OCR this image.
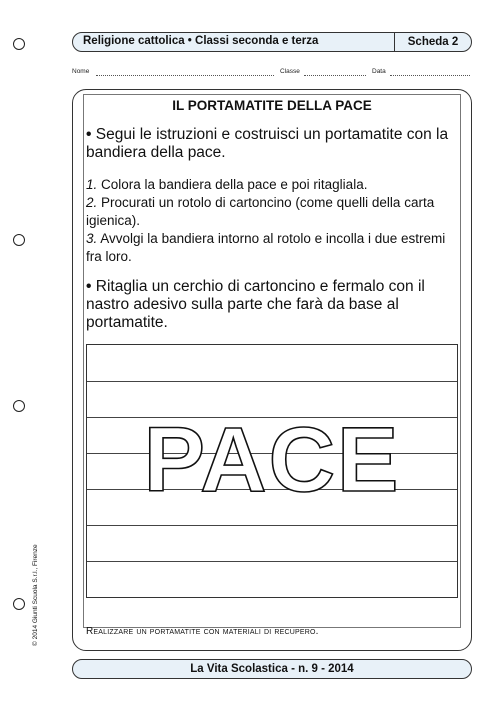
Religione cattolica • Classi seconda e terza	Scheda 2
Nome	Classe	Data
IL PORTAMATITE DELLA PACE
• Segui le istruzioni e costruisci un portamatite con la bandiera della pace.
1. Colora la bandiera della pace e poi ritagliala.
2. Procurati un rotolo di cartoncino (come quelli della carta igienica).
3. Avvolgi la bandiera intorno al rotolo e incolla i due estremi fra loro.
• Ritaglia un cerchio di cartoncino e fermalo con il nastro adesivo sulla parte che farà da base al portamatite.
PACE
Realizzare un portamatite con materiali di recupero.
© 2014 Giunti Scuola S.r.l., Firenze
La Vita Scolastica - n. 9 - 2014
